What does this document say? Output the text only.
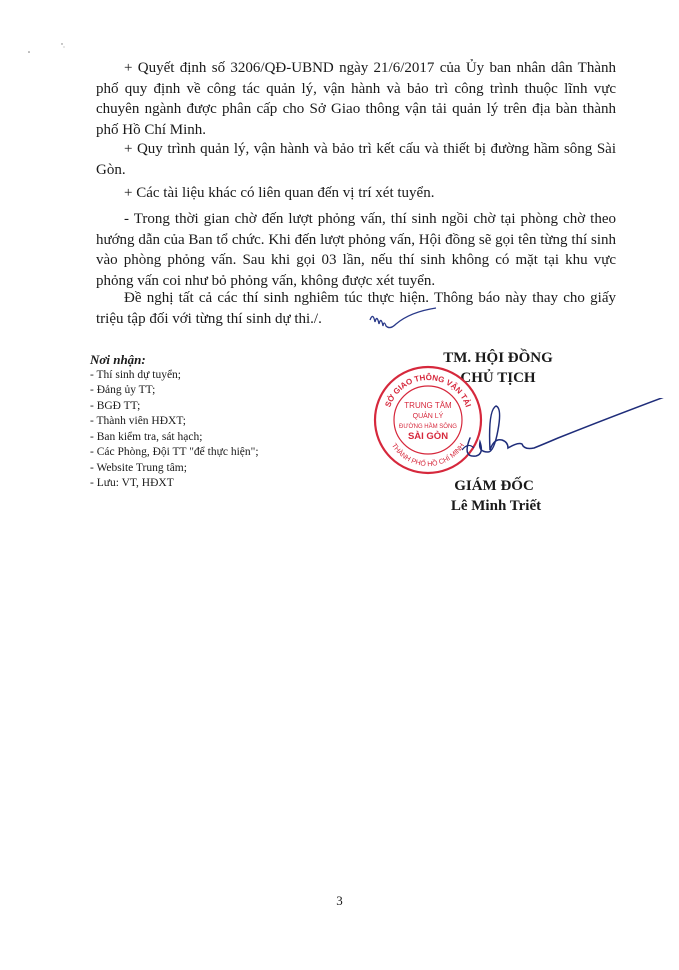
+ Quyết định số 3206/QĐ-UBND ngày 21/6/2017 của Ủy ban nhân dân Thành phố quy định về công tác quản lý, vận hành và bảo trì công trình thuộc lĩnh vực chuyên ngành được phân cấp cho Sở Giao thông vận tải quản lý trên địa bàn thành phố Hồ Chí Minh.

+ Quy trình quản lý, vận hành và bảo trì kết cấu và thiết bị đường hầm sông Sài Gòn.

+ Các tài liệu khác có liên quan đến vị trí xét tuyển.

- Trong thời gian chờ đến lượt phỏng vấn, thí sinh ngồi chờ tại phòng chờ theo hướng dẫn của Ban tổ chức. Khi đến lượt phỏng vấn, Hội đồng sẽ gọi tên từng thí sinh vào phòng phỏng vấn. Sau khi gọi 03 lần, nếu thí sinh không có mặt tại khu vực phỏng vấn coi như bỏ phỏng vấn, không được xét tuyển.

Đề nghị tất cả các thí sinh nghiêm túc thực hiện. Thông báo này thay cho giấy triệu tập đối với từng thí sinh dự thi./.

Nơi nhận:
- Thí sinh dự tuyển;
- Đảng ủy TT;
- BGĐ TT;
- Thành viên HĐXT;
- Ban kiểm tra, sát hạch;
- Các Phòng, Đội TT "để thực hiện";
- Website Trung tâm;
- Lưu: VT, HĐXT
TM. HỘI ĐỒNG
CHỦ TỊCH
SỞ GIAO THÔNG VẬN TẢI
THÀNH PHỐ HỒ CHÍ MINH
TRUNG TÂM
QUẢN LÝ
ĐƯỜNG HẦM SÔNG
SÀI GÒN
GIÁM ĐỐC
Lê Minh Triết
3
